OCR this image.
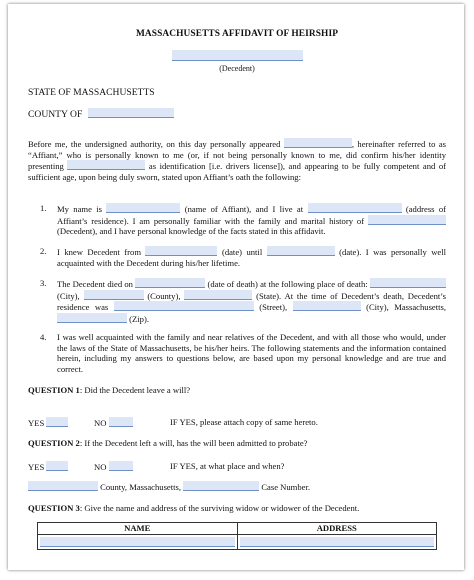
MASSACHUSETTS AFFIDAVIT OF HEIRSHIP
(Decedent)
STATE OF MASSACHUSETTS
COUNTY OF
Before me, the undersigned authority, on this day personally appeared	, hereinafter referred to as “Affiant,” who is personally known to me (or, if not being personally known to me, did confirm his/her identity presenting	as identification [i.e. drivers license]), and appearing to be fully competent and of sufficient age, upon being duly sworn, stated upon Affiant’s oath the following:
1. My name is	(name of Affiant), and I live at	(address of Affiant’s residence). I am personally familiar with the family and marital history of  (Decedent), and I have personal knowledge of the facts stated in this affidavit.
2. I knew Decedent from	(date) until	(date). I was personally well acquainted with the Decedent during his/her lifetime.
3. The Decedent died on	(date of death) at the following place of death:  (City),	(County),	(State). At the time of Decedent’s death, Decedent’s residence was	(Street),	(City), Massachusetts,  (Zip).
4. I was well acquainted with the family and near relatives of the Decedent, and with all those who would, under the laws of the State of Massachusetts, be his/her heirs. The following statements and the information contained herein, including my answers to questions below, are based upon my personal knowledge and are true and correct.
QUESTION 1: Did the Decedent leave a will?
YES	NO	IF YES, please attach copy of same hereto.
QUESTION 2: If the Decedent left a will, has the will been admitted to probate?
YES	NO	IF YES, at what place and when?
County, Massachusetts,	Case Number.
QUESTION 3: Give the name and address of the surviving widow or widower of the Decedent.
NAME	ADDRESS
